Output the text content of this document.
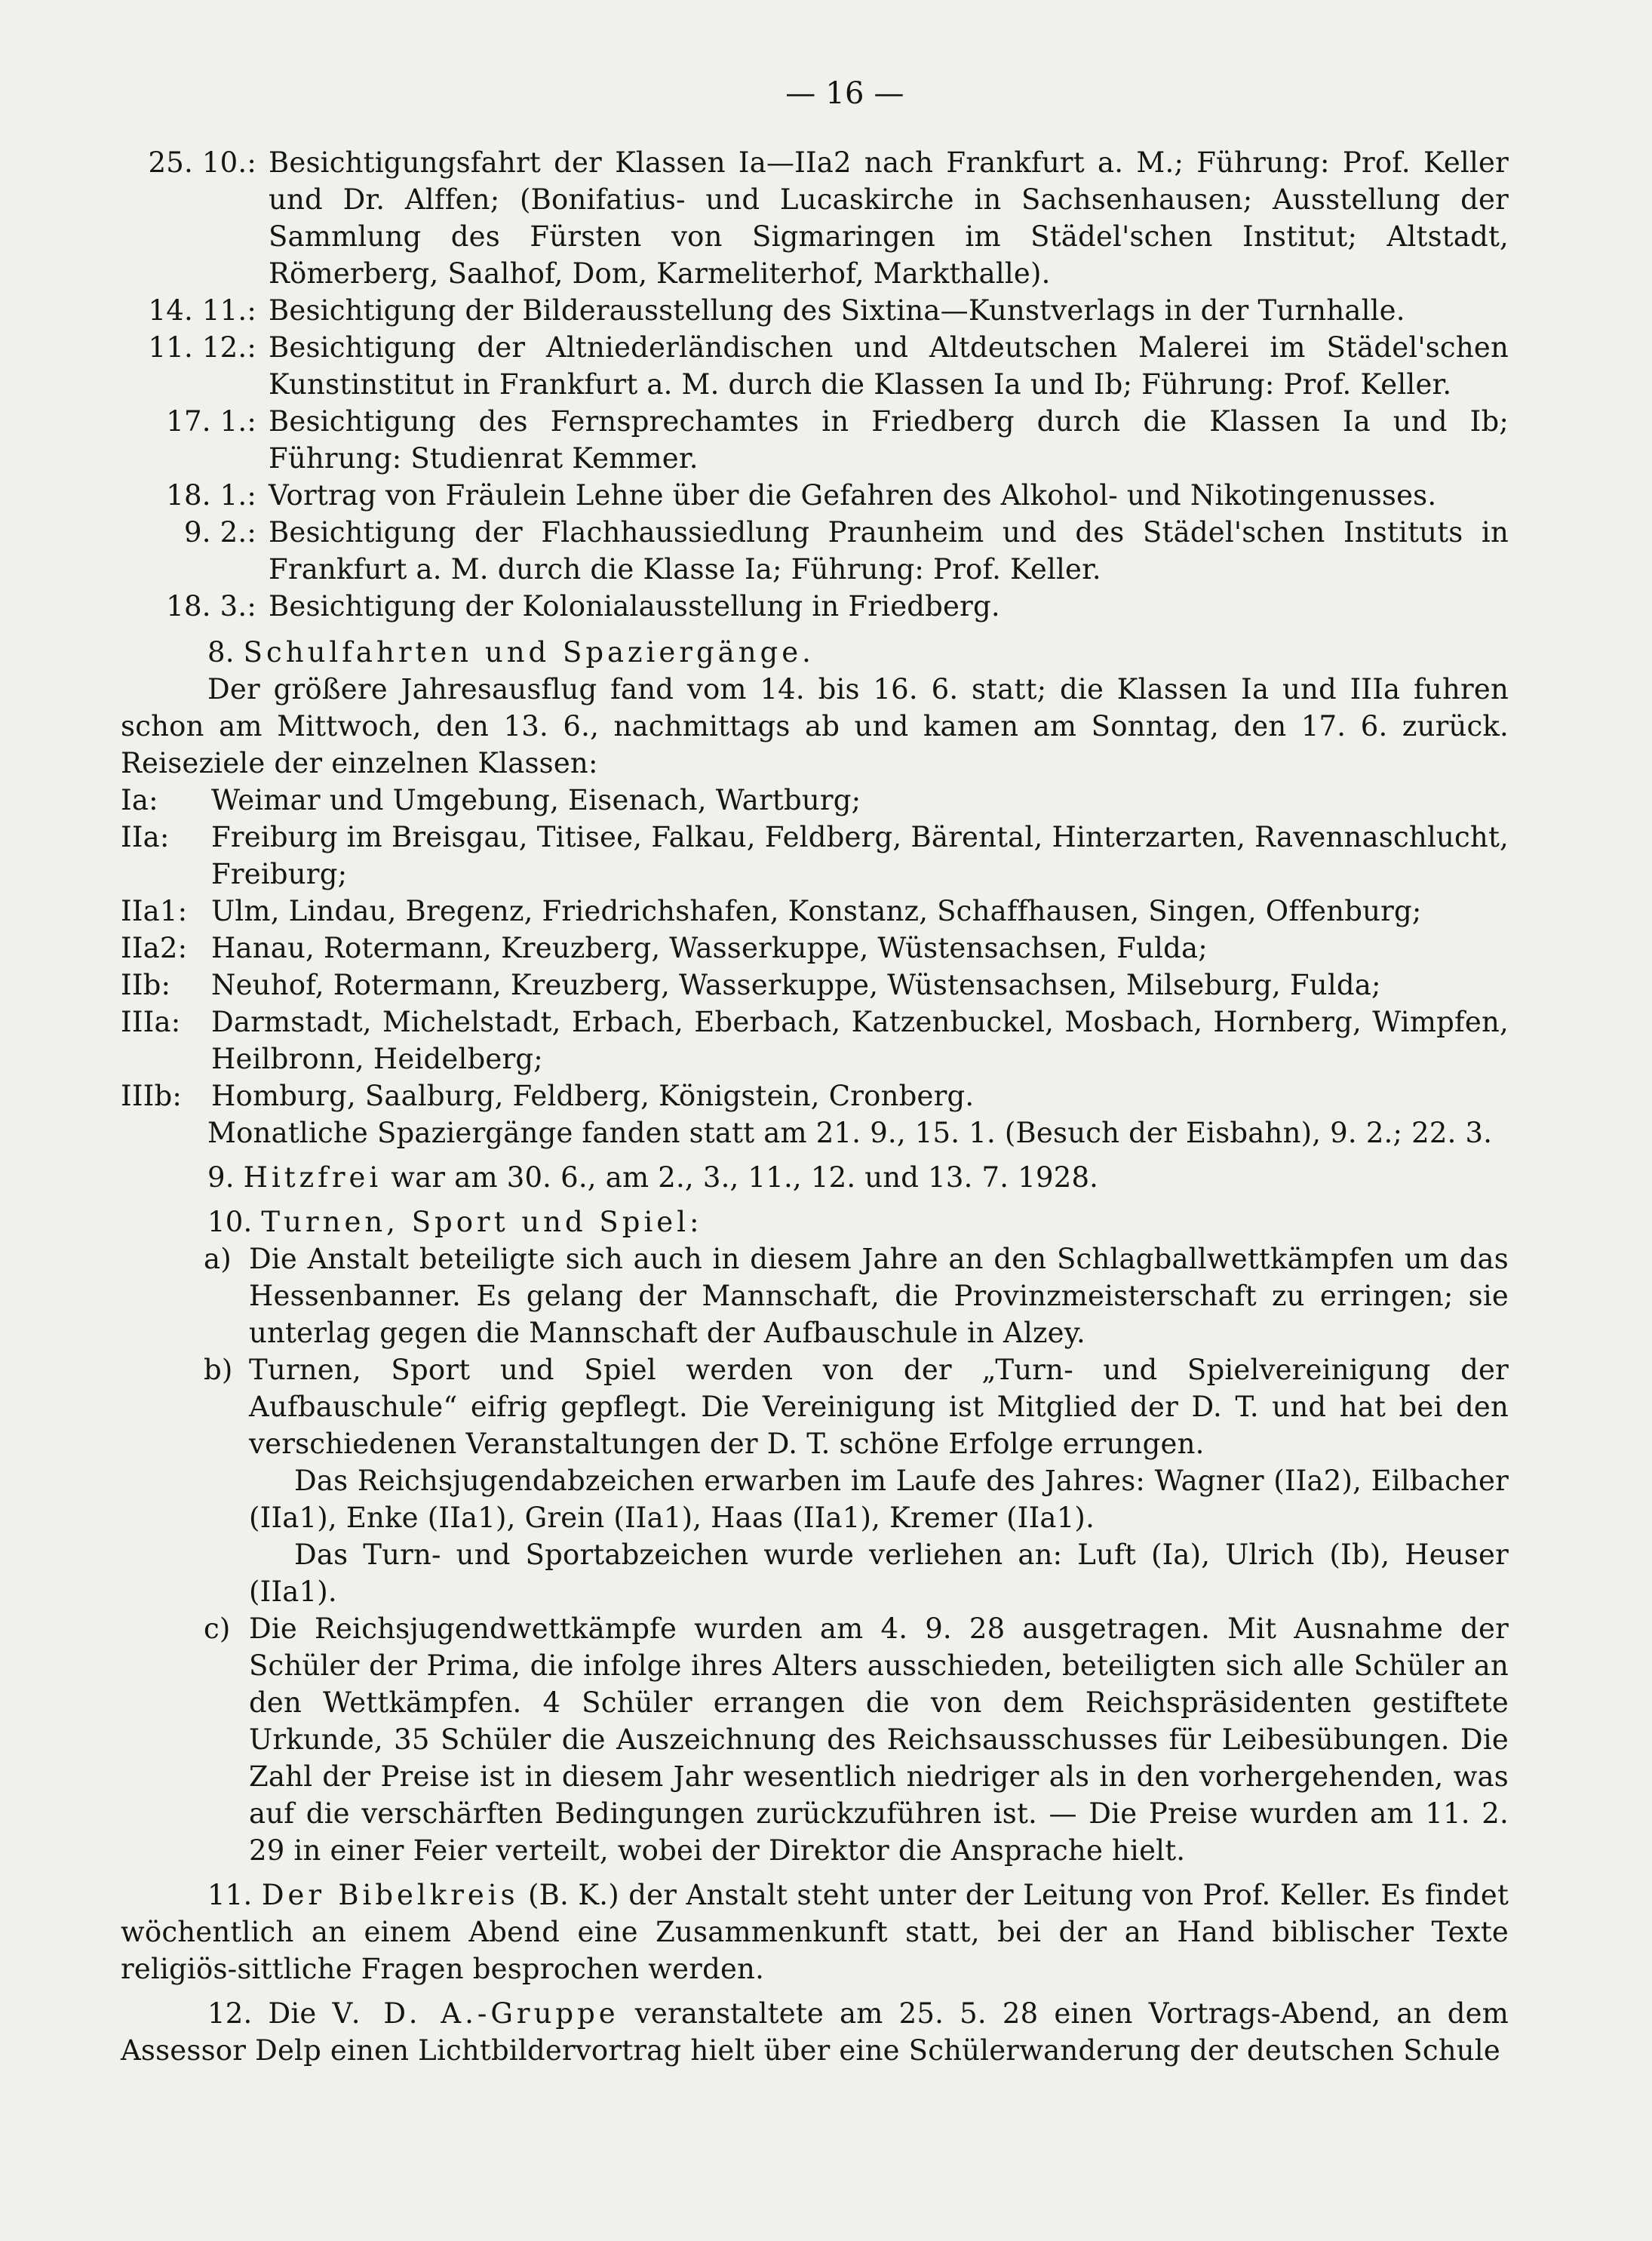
— 16 —
25. 10.: Besichtigungsfahrt der Klassen Ia—IIa2 nach Frankfurt a. M.; Führung: Prof. Keller und Dr. Alffen; (Bonifatius- und Lucaskirche in Sachsenhausen; Ausstellung der Sammlung des Fürsten von Sigmaringen im Städel'schen Institut; Altstadt, Römerberg, Saalhof, Dom, Karmeliterhof, Markthalle).
14. 11.: Besichtigung der Bilderausstellung des Sixtina—Kunstverlags in der Turnhalle.
11. 12.: Besichtigung der Altniederländischen und Altdeutschen Malerei im Städel'schen Kunstinstitut in Frankfurt a. M. durch die Klassen Ia und Ib; Führung: Prof. Keller.
17. 1.: Besichtigung des Fernsprechamtes in Friedberg durch die Klassen Ia und Ib; Führung: Studienrat Kemmer.
18. 1.: Vortrag von Fräulein Lehne über die Gefahren des Alkohol- und Nikotingenusses.
9. 2.: Besichtigung der Flachhaussiedlung Praunheim und des Städel'schen Instituts in Frankfurt a. M. durch die Klasse Ia; Führung: Prof. Keller.
18. 3.: Besichtigung der Kolonialausstellung in Friedberg.
8. Schulfahrten und Spaziergänge.
Der größere Jahresausflug fand vom 14. bis 16. 6. statt; die Klassen Ia und IIIa fuhren schon am Mittwoch, den 13. 6., nachmittags ab und kamen am Sonntag, den 17. 6. zurück. Reiseziele der einzelnen Klassen:
Ia:	Weimar und Umgebung, Eisenach, Wartburg;
IIa:	Freiburg im Breisgau, Titisee, Falkau, Feldberg, Bärental, Hinterzarten, Ravennaschlucht, Freiburg;
IIa1: Ulm, Lindau, Bregenz, Friedrichshafen, Konstanz, Schaffhausen, Singen, Offenburg;
IIa2: Hanau, Rotermann, Kreuzberg, Wasserkuppe, Wüstensachsen, Fulda;
IIb:	Neuhof, Rotermann, Kreuzberg, Wasserkuppe, Wüstensachsen, Milseburg, Fulda;
IIIa:	Darmstadt, Michelstadt, Erbach, Eberbach, Katzenbuckel, Mosbach, Hornberg, Wimpfen, Heilbronn, Heidelberg;
IIIb:	Homburg, Saalburg, Feldberg, Königstein, Cronberg.
Monatliche Spaziergänge fanden statt am 21. 9., 15. 1. (Besuch der Eisbahn), 9. 2.; 22. 3.
9. Hitzfrei war am 30. 6., am 2., 3., 11., 12. und 13. 7. 1928.
10. Turnen, Sport und Spiel:
a) Die Anstalt beteiligte sich auch in diesem Jahre an den Schlagballwettkämpfen um das Hessenbanner. Es gelang der Mannschaft, die Provinzmeisterschaft zu erringen; sie unterlag gegen die Mannschaft der Aufbauschule in Alzey.
b) Turnen, Sport und Spiel werden von der „Turn- und Spielvereinigung der Aufbauschule“ eifrig gepflegt. Die Vereinigung ist Mitglied der D. T. und hat bei den verschiedenen Veranstaltungen der D. T. schöne Erfolge errungen.
Das Reichsjugendabzeichen erwarben im Laufe des Jahres: Wagner (IIa2), Eilbacher (IIa1), Enke (IIa1), Grein (IIa1), Haas (IIa1), Kremer (IIa1).
Das Turn- und Sportabzeichen wurde verliehen an: Luft (Ia), Ulrich (Ib), Heuser (IIa1).
c) Die Reichsjugendwettkämpfe wurden am 4. 9. 28 ausgetragen. Mit Ausnahme der Schüler der Prima, die infolge ihres Alters ausschieden, beteiligten sich alle Schüler an den Wettkämpfen. 4 Schüler errangen die von dem Reichspräsidenten gestiftete Urkunde, 35 Schüler die Auszeichnung des Reichsausschusses für Leibesübungen. Die Zahl der Preise ist in diesem Jahr wesentlich niedriger als in den vorhergehenden, was auf die verschärften Bedingungen zurückzuführen ist. — Die Preise wurden am 11. 2. 29 in einer Feier verteilt, wobei der Direktor die Ansprache hielt.
11. Der Bibelkreis (B. K.) der Anstalt steht unter der Leitung von Prof. Keller. Es findet wöchentlich an einem Abend eine Zusammenkunft statt, bei der an Hand biblischer Texte religiös-sittliche Fragen besprochen werden.
12. Die V. D. A.-Gruppe veranstaltete am 25. 5. 28 einen Vortrags-Abend, an dem Assessor Delp einen Lichtbildervortrag hielt über eine Schülerwanderung der deutschen Schule
